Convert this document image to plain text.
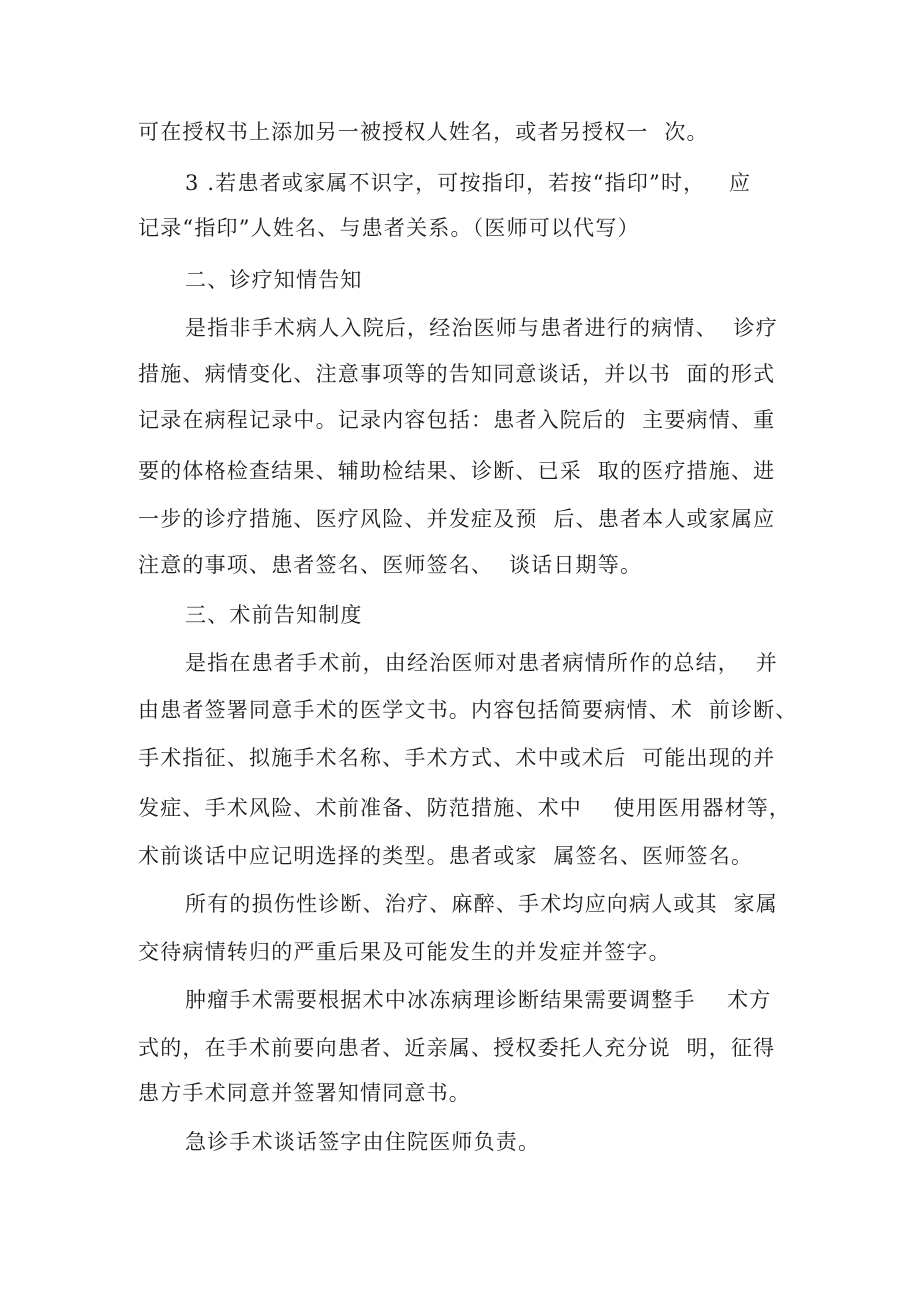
可在授权书上添加另一被授权人姓名，或者另授权一  次。
3 .若患者或家属不识字，可按指印，若按“指印”时，   应
记录“指印”人姓名、与患者关系。（医师可以代写）
二、诊疗知情告知
是指非手术病人入院后，经治医师与患者进行的病情、  诊疗
措施、病情变化、注意事项等的告知同意谈话，并以书  面的形式
记录在病程记录中。记录内容包括：患者入院后的  主要病情、重
要的体格检查结果、辅助检结果、诊断、已采  取的医疗措施、进
一步的诊疗措施、医疗风险、并发症及预  后、患者本人或家属应
注意的事项、患者签名、医师签名、  谈话日期等。
三、术前告知制度
是指在患者手术前，由经治医师对患者病情所作的总结，  并
由患者签署同意手术的医学文书。内容包括简要病情、术  前诊断、
手术指征、拟施手术名称、手术方式、术中或术后  可能出现的并
发症、手术风险、术前准备、防范措施、术中    使用医用器材等，
术前谈话中应记明选择的类型。患者或家  属签名、医师签名。
所有的损伤性诊断、治疗、麻醉、手术均应向病人或其  家属
交待病情转归的严重后果及可能发生的并发症并签字。
肿瘤手术需要根据术中冰冻病理诊断结果需要调整手    术方
式的，在手术前要向患者、近亲属、授权委托人充分说  明，征得
患方手术同意并签署知情同意书。
急诊手术谈话签字由住院医师负责。
